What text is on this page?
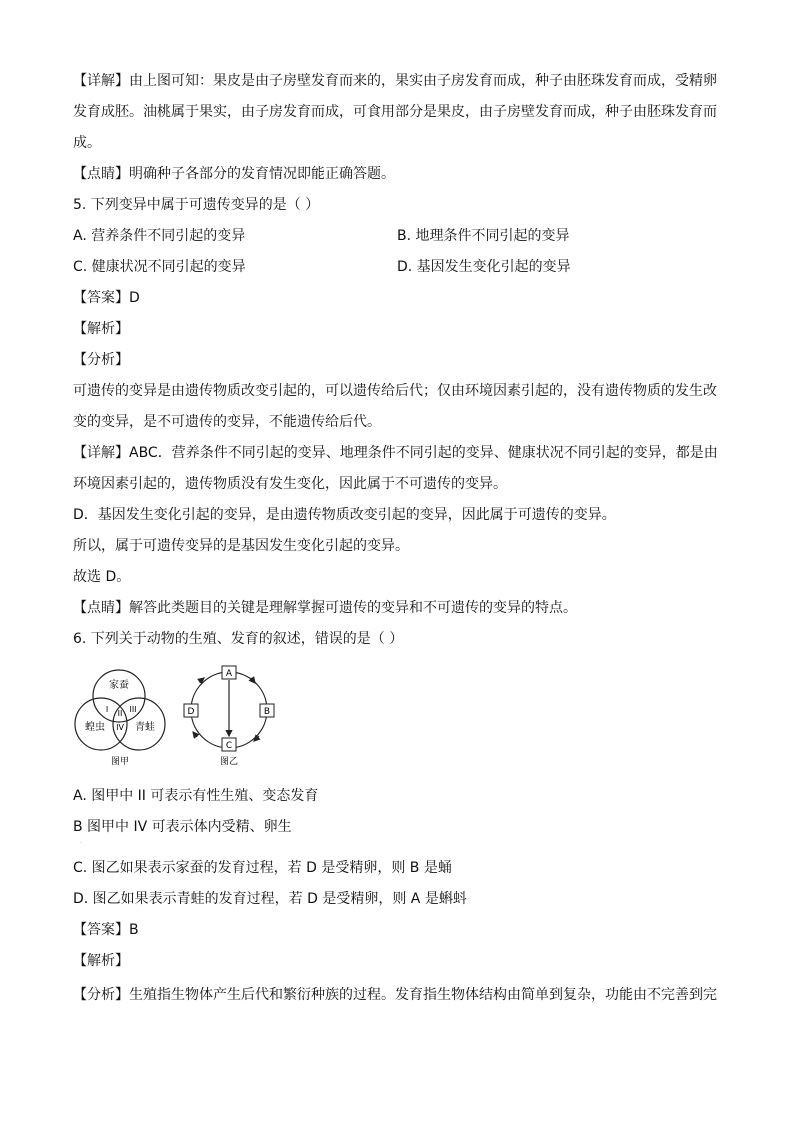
【详解】由上图可知：果皮是由子房壁发育而来的，果实由子房发育而成，种子由胚珠发育而成，受精卵
发育成胚。油桃属于果实，由子房发育而成，可食用部分是果皮，由子房壁发育而成，种子由胚珠发育而
成。
【点睛】明确种子各部分的发育情况即能正确答题。
5. 下列变异中属于可遗传变异的是（ ）
A. 营养条件不同引起的变异	B. 地理条件不同引起的变异
C. 健康状况不同引起的变异	D. 基因发生变化引起的变异
【答案】D
【解析】
【分析】
可遗传的变异是由遗传物质改变引起的，可以遗传给后代；仅由环境因素引起的，没有遗传物质的发生改
变的变异，是不可遗传的变异，不能遗传给后代。
【详解】ABC．营养条件不同引起的变异、地理条件不同引起的变异、健康状况不同引起的变异，都是由
环境因素引起的，遗传物质没有发生变化，因此属于不可遗传的变异。
D．基因发生变化引起的变异，是由遗传物质改变引起的变异，因此属于可遗传的变异。
所以，属于可遗传变异的是基因发生变化引起的变异。
故选 D。
【点睛】解答此类题目的关键是理解掌握可遗传的变异和不可遗传的变异的特点。
6. 下列关于动物的生殖、发育的叙述，错误的是（ ）
家蚕
蝗虫	青蛙
I II III
IV
图甲
A
B
C
D
图乙
A. 图甲中 II 可表示有性生殖、变态发育
B 图甲中 IV 可表示体内受精、卵生
·
C. 图乙如果表示家蚕的发育过程，若 D 是受精卵，则 B 是蛹
D. 图乙如果表示青蛙的发育过程，若 D 是受精卵，则 A 是蝌蚪
【答案】B
【解析】
【分析】生殖指生物体产生后代和繁衍种族的过程。发育指生物体结构由简单到复杂，功能由不完善到完
